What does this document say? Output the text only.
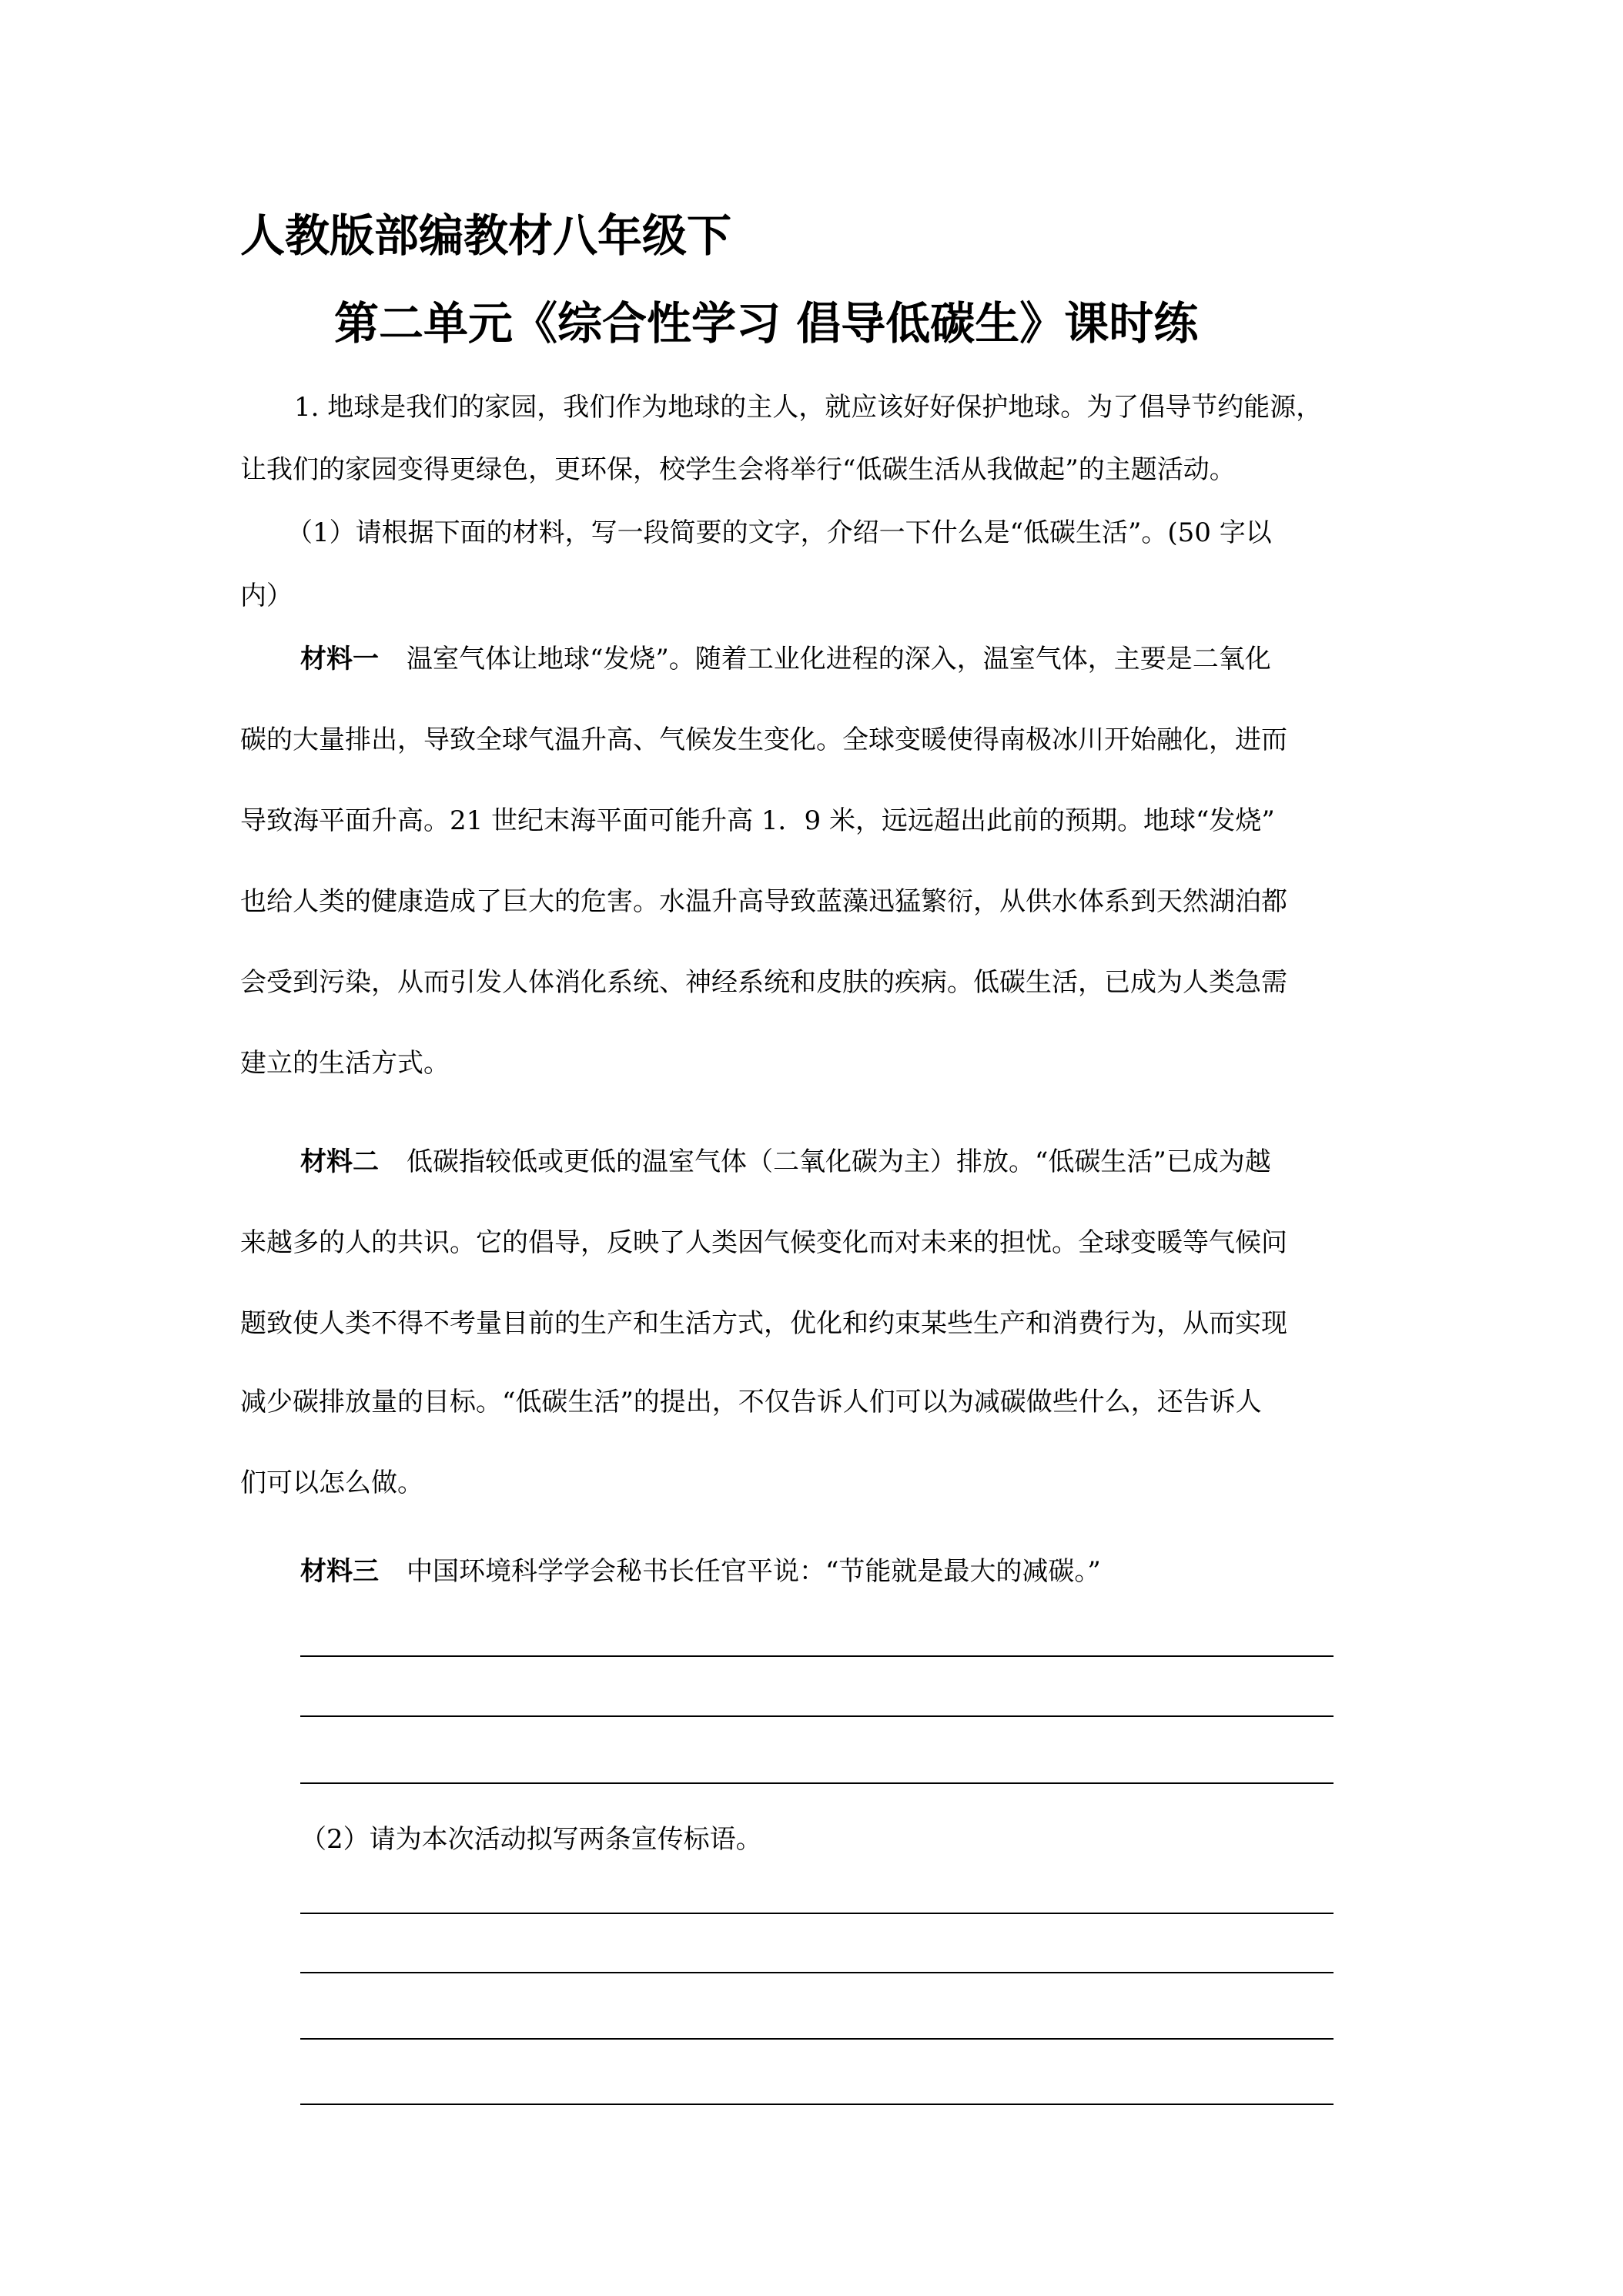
人教版部编教材八年级下
第二单元《综合性学习 倡导低碳生》课时练
1. 地球是我们的家园，我们作为地球的主人，就应该好好保护地球。为了倡导节约能源，
让我们的家园变得更绿色，更环保，校学生会将举行“低碳生活从我做起”的主题活动。
（1）请根据下面的材料，写一段简要的文字，介绍一下什么是“低碳生活”。(50 字以
内）
材料一 温室气体让地球“发烧”。随着工业化进程的深入，温室气体，主要是二氧化
碳的大量排出，导致全球气温升高、气候发生变化。全球变暖使得南极冰川开始融化，进而
导致海平面升高。21 世纪末海平面可能升高 1．9 米，远远超出此前的预期。地球“发烧”
也给人类的健康造成了巨大的危害。水温升高导致蓝藻迅猛繁衍，从供水体系到天然湖泊都
会受到污染，从而引发人体消化系统、神经系统和皮肤的疾病。低碳生活，已成为人类急需
建立的生活方式。
材料二 低碳指较低或更低的温室气体（二氧化碳为主）排放。“低碳生活”已成为越
来越多的人的共识。它的倡导，反映了人类因气候变化而对未来的担忧。全球变暖等气候问
题致使人类不得不考量目前的生产和生活方式，优化和约束某些生产和消费行为，从而实现
减少碳排放量的目标。“低碳生活”的提出，不仅告诉人们可以为减碳做些什么，还告诉人
们可以怎么做。
材料三 中国环境科学学会秘书长任官平说：“节能就是最大的减碳。”
（2）请为本次活动拟写两条宣传标语。
